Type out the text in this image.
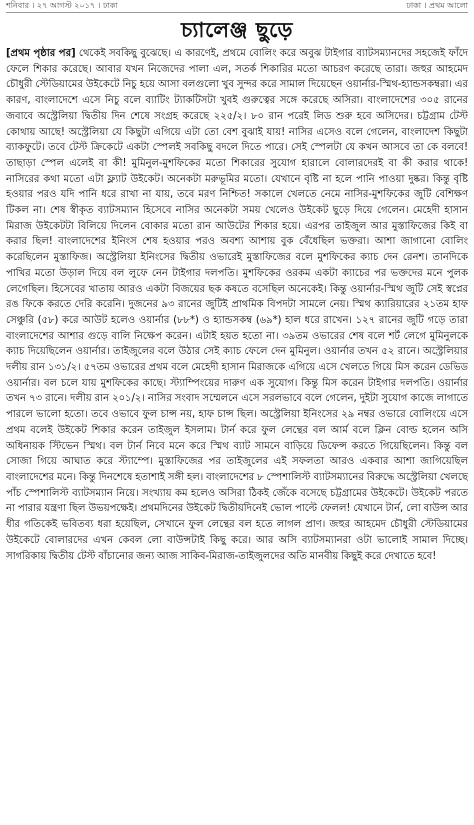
শনিবার । ২৭ আগস্ট ২০১৭ । ঢাকা	ঢাকা । প্রথম আলো
চ্যালেঞ্জ ছুড়ে

[প্রথম পৃষ্ঠার পর] থেকেই সবকিছু বুঝেছে। এ কারণেই, প্রথমে বোলিং করে অবুঝ টাইগার ব্যাটসম্যানদের সহজেই ফাঁদে ফেলে শিকার করেছে। আবার যখন নিজেদের পালা এল, সতর্ক শিকারির মতো আচরণ করেছে তারা। জহুর আহমেদ চৌধুরী স্টেডিয়ামের উইকেটে নিচু হয়ে আসা বলগুলো খুব সুন্দর করে সামাল দিয়েছেন ওয়ার্নার-স্মিথ-হ্যান্ডসকম্বরা। এর কারণ, বাংলাদেশে এসে নিচু বলে ব্যাটিং ট্যাকটিসটা খুবই গুরুত্বের সঙ্গে করেছে অসিরা। বাংলাদেশের ৩০৫ রানের জবাবে অস্ট্রেলিয়া দ্বিতীয় দিন শেষে সংগ্রহ করেছে ২২৫/২। ৮০ রান পরেই লিড শুরু হবে অসিদের। চট্টগ্রাম টেস্ট কোথায় আছে! অস্ট্রেলিয়া যে কিছুটা এগিয়ে এটা তো বেশ বুঝাই যায়! নাসির এসেও বলে গেলেন, বাংলাদেশ কিছুটা ব্যাকফুটে। তবে টেস্ট ক্রিকেটে একটা স্পেলই সবকিছু বদলে দিতে পারে। সেই স্পেলটা যে কখন আসবে তা কে বলবে! তাছাড়া স্পেল এলেই বা কী! মুমিনুল-মুশফিকের মতো শিকারের সুযোগ হারালে বোলারদেরই বা কী করার থাকে! নাসিরের কথা মতো এটা ফ্ল্যাট উইকেট। অনেকটা মরুভূমির মতো। যেখানে বৃষ্টি না হলে পানি পাওয়া দুষ্কর। কিন্তু বৃষ্টি হওয়ার পরও যদি পানি ধরে রাখা না যায়, তবে মরণ নিশ্চিত! সকালে খেলতে নেমে নাসির-মুশফিকের জুটি বেশিক্ষণ টিকল না। শেষ স্বীকৃত ব্যাটসম্যান হিসেবে নাসির অনেকটা সময় খেলেও উইকেট ছুড়ে দিয়ে গেলেন। মেহেদী হাসান মিরাজ উইকেটটা বিলিয়ে দিলেন বোকার মতো রান আউটের শিকার হয়ে। এরপর তাইজুল আর মুস্তাফিজের কিই বা করার ছিল! বাংলাদেশের ইনিংস শেষ হওয়ার পরও অবশ্য আশায় বুক বেঁধেছিল ভক্তরা। আশা জাগানো বোলিং করেছিলেন মুস্তাফিজ। অস্ট্রেলিয়া ইনিংসের দ্বিতীয় ওভারেই মুস্তাফিজের বলে মুশফিকের ক্যাচ দেন রেনশ। তানদিকে পাখির মতো উড়াল দিয়ে বল লুফে নেন টাইগার দলপতি। মুশফিকের ওরকম একটা ক্যাচের পর ভক্তদের মনে পুলক লেগেছিল। হিসেবের খাতায় আরও একটা বিজয়ের ছক কষতে বসেছিল অনেকেই। কিন্তু ওয়ার্নার-স্মিথ জুটি সেই স্বপ্নের রঙ ফিকে করতে দেরি করেনি। দুজনের ৯৩ রানের জুটিই প্রাথমিক বিপদটা সামলে নেয়। স্মিথ ক্যারিয়ারের ২১তম হাফ সেঞ্চুরি (৫৮) করে আউট হলেও ওয়ার্নার (৮৮*) ও হ্যান্ডসকম্ব (৬৯*) হাল ধরে রাখেন। ১২৭ রানের জুটি গড়ে তারা বাংলাদেশের আশার গুড়ে বালি নিক্ষেপ করেন। এটাই হয়ত হতো না। ৩৯তম ওভারের শেষ বলে শর্ট লেগে মুমিনুলকে ক্যাচ দিয়েছিলেন ওয়ার্নার। তাইজুলের বলে উঠার সেই ক্যাচ ফেলে দেন মুমিনুল। ওয়ার্নার তখন ৫২ রানে। অস্ট্রেলিয়ার দলীয় রান ১৩১/২। ৫৭তম ওভারের প্রথম বলে মেহেদী হাসান মিরাজকে এগিয়ে এসে খেলতে গিয়ে মিস করেন ডেভিড ওয়ার্নার। বল চলে যায় মুশফিকের কাছে। স্ট্যাম্পিংয়ের দারুণ এক সুযোগ। কিন্তু মিস করেন টাইগার দলপতি। ওয়ার্নার তখন ৭৩ রানে। দলীয় রান ২০১/২। নাসির সংবাদ সম্মেলনে এসে সরলভাবে বলে গেলেন, দুইটা সুযোগ কাজে লাগাতে পারলে ভালো হতো। তবে ওভাবে ফুল চান্স নয়, হাফ চান্স ছিল। অস্ট্রেলিয়া ইনিংসের ২৯ নম্বর ওভারে বোলিংয়ে এসে প্রথম বলেই উইকেট শিকার করেন তাইজুল ইসলাম। টার্ন করে ফুল লেন্থের বল আর্ম বলে ক্লিন বোল্ড হলেন অসি অধিনায়ক স্টিভেন স্মিথ। বল টার্ন নিবে মনে করে স্মিথ ব্যাট সামনে বাড়িয়ে ডিফেন্স করতে গিয়েছিলেন। কিন্তু বল সোজা গিয়ে আঘাত করে স্ট্যাম্পে। মুস্তাফিজের পর তাইজুলের এই সফলতা আরও একবার আশা জাগিয়েছিল বাংলাদেশের মনে। কিন্তু দিনশেষে হতাশাই সঙ্গী হল। বাংলাদেশের ৮ স্পেশালিস্ট ব্যাটসম্যানের বিরুদ্ধে অস্ট্রেলিয়া খেলছে পাঁচ স্পেশালিস্ট ব্যাটসম্যান নিয়ে। সংখ্যায় কম হলেও অসিরা ঠিকই জেঁকে বসেছে চট্টগ্রামের উইকেটে। উইকেট পরতে না পারার যন্ত্রণা ছিল উভয়পক্ষেই। প্রথমদিনের উইকেট দ্বিতীয়দিনেই ভোল পাল্টে ফেলল! যেখানে টার্ন, লো বাউন্স আর ধীর গতিকেই ভবিতব্য ধরা হয়েছিল, সেখানে ফুল লেন্থের বল হতে লাগল প্রাণ। জহুর আহমেদ চৌধুরী স্টেডিয়ামের উইকেটে বোলারদের এখন কেবল লো বাউন্সটাই কিছু করে। আর অসি ব্যাটসম্যানরা ওটা ভালোই সামাল দিচ্ছে। সাগরিকায় দ্বিতীয় টেস্ট বাঁচানোর জন্য আজ সাকিব-মিরাজ-তাইজুলদের অতি মানবীয় কিছুই করে দেখাতে হবে!
